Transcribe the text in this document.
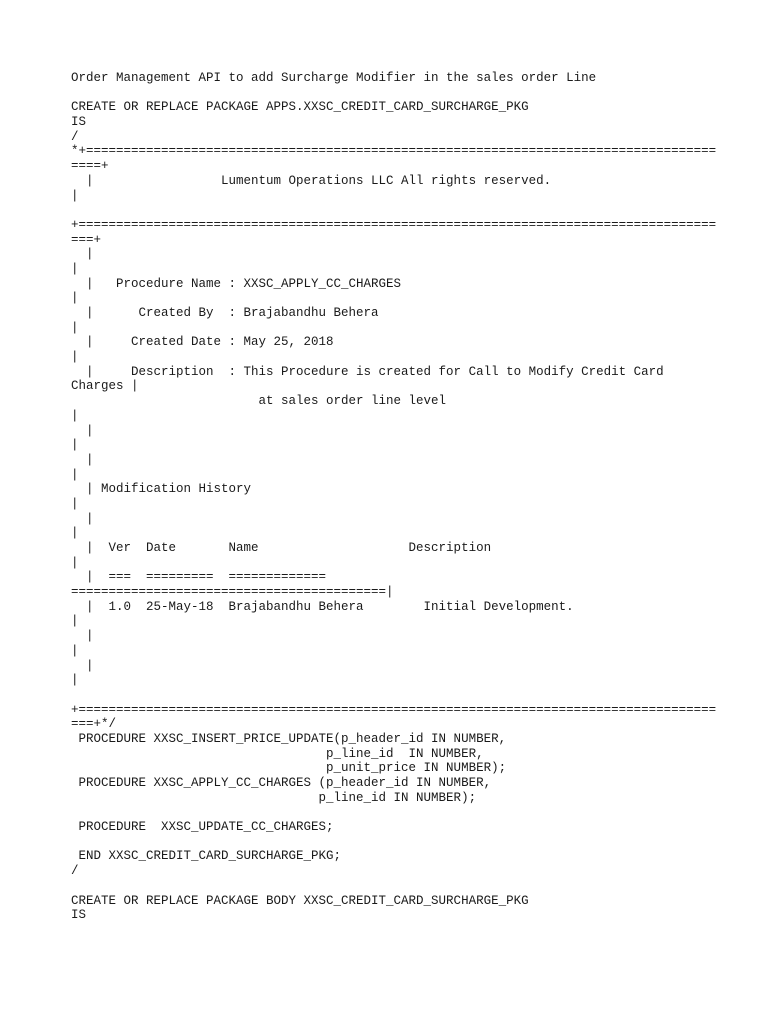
Order Management API to add Surcharge Modifier in the sales order Line
CREATE OR REPLACE PACKAGE APPS.XXSC_CREDIT_CARD_SURCHARGE_PKG
IS
/
*+====================================================================================
====+
|                 Lumentum Operations LLC All rights reserved.
|
+=====================================================================================
===+
|
|
|   Procedure Name : XXSC_APPLY_CC_CHARGES
|
|      Created By  : Brajabandhu Behera
|
|     Created Date : May 25, 2018
|
|     Description  : This Procedure is created for Call to Modify Credit Card
Charges |
at sales order line level
|
|
|
|
|
| Modification History
|
|
|
|  Ver  Date       Name                    Description
|
|  ===  =========  =============
==========================================|
|  1.0  25-May-18  Brajabandhu Behera        Initial Development.
|
|
|
|
|
+=====================================================================================
===+*/
PROCEDURE XXSC_INSERT_PRICE_UPDATE(p_header_id IN NUMBER,
p_line_id  IN NUMBER,
p_unit_price IN NUMBER);
PROCEDURE XXSC_APPLY_CC_CHARGES (p_header_id IN NUMBER,
p_line_id IN NUMBER);
PROCEDURE  XXSC_UPDATE_CC_CHARGES;
END XXSC_CREDIT_CARD_SURCHARGE_PKG;
/
CREATE OR REPLACE PACKAGE BODY XXSC_CREDIT_CARD_SURCHARGE_PKG
IS
